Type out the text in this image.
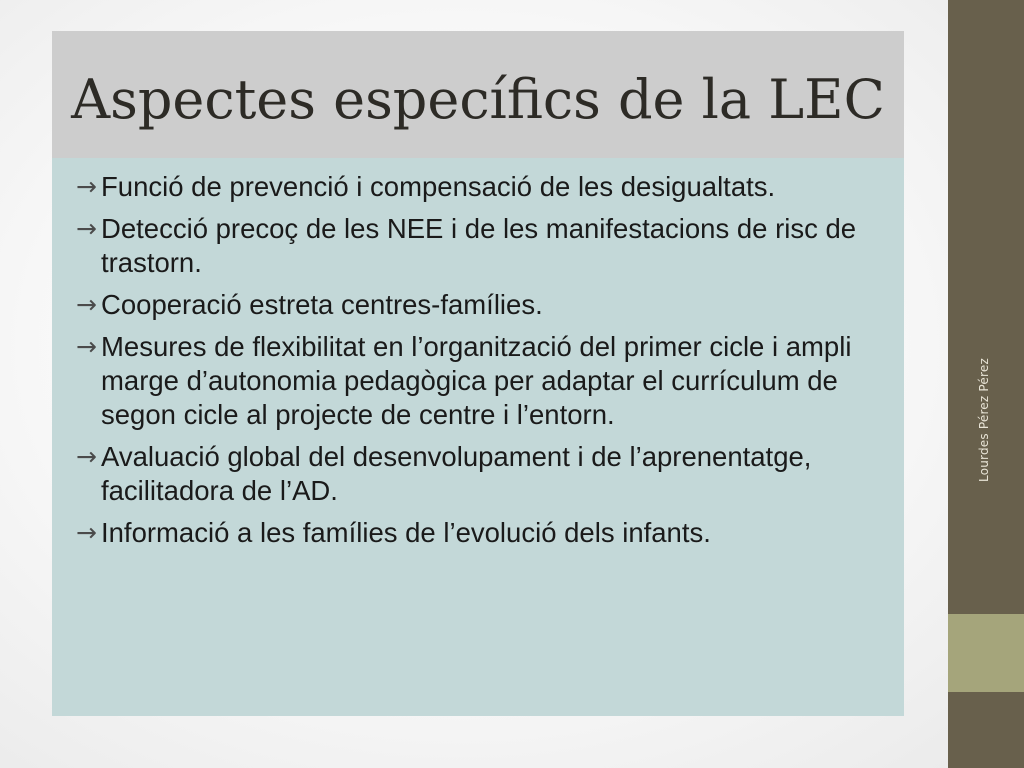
Lourdes Pérez Pérez
Aspectes específics de la LEC
→ Funció de prevenció i compensació de les desigualtats.
→ Detecció precoç de les NEE i de les manifestacions de risc de trastorn.
→ Cooperació estreta centres-famílies.
→ Mesures de flexibilitat en l’organització del primer cicle i ampli marge d’autonomia pedagògica per adaptar el currículum de segon cicle al projecte de centre i l’entorn.
→ Avaluació global del desenvolupament i de l’aprenentatge, facilitadora de l’AD.
→ Informació a les famílies de l’evolució dels infants.
